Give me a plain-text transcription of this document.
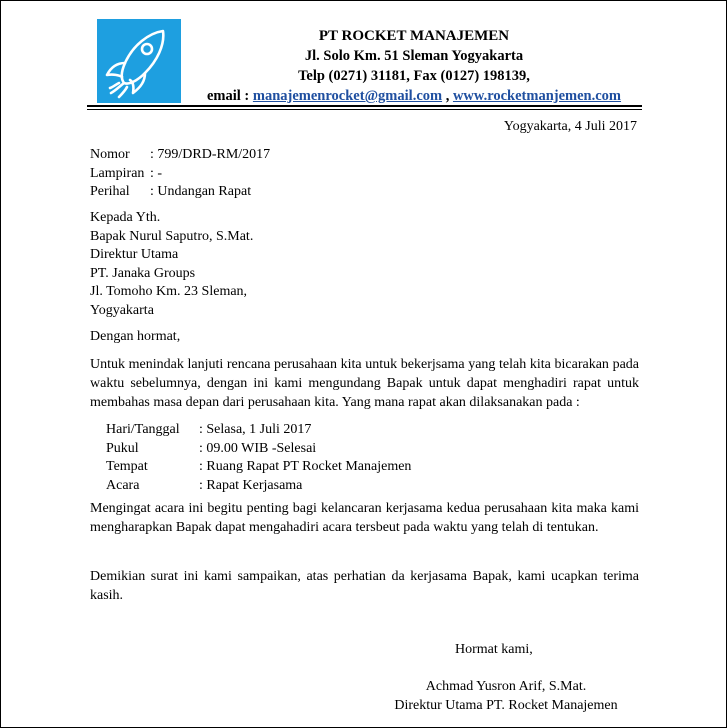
PT ROCKET MANAJEMEN
Jl. Solo Km. 51 Sleman Yogyakarta
Telp (0271) 31181, Fax (0127) 198139,
email : manajemenrocket@gmail.com , www.rocketmanjemen.com
Yogyakarta, 4 Juli 2017
Nomor	: 799/DRD-RM/2017
Lampiran : -
Perihal	: Undangan Rapat
Kepada Yth.
Bapak Nurul Saputro, S.Mat.
Direktur Utama
PT. Janaka Groups
Jl. Tomoho Km. 23 Sleman,
Yogyakarta
Dengan hormat,
Untuk menindak lanjuti rencana perusahaan kita untuk bekerjsama yang telah kita bicarakan pada waktu sebelumnya, dengan ini kami mengundang Bapak untuk dapat menghadiri rapat untuk membahas masa depan dari perusahaan kita. Yang mana rapat akan dilaksanakan pada :
Hari/Tanggal	: Selasa, 1 Juli 2017
Pukul	: 09.00 WIB -Selesai
Tempat	: Ruang Rapat PT Rocket Manajemen
Acara	: Rapat Kerjasama
Mengingat acara ini begitu penting bagi kelancaran kerjasama kedua perusahaan kita maka kami mengharapkan Bapak dapat mengahadiri acara tersbeut pada waktu yang telah di tentukan.
Demikian surat ini kami sampaikan, atas perhatian da kerjasama Bapak, kami ucapkan terima kasih.
Hormat kami,
Achmad Yusron Arif, S.Mat.
Direktur Utama PT. Rocket Manajemen
